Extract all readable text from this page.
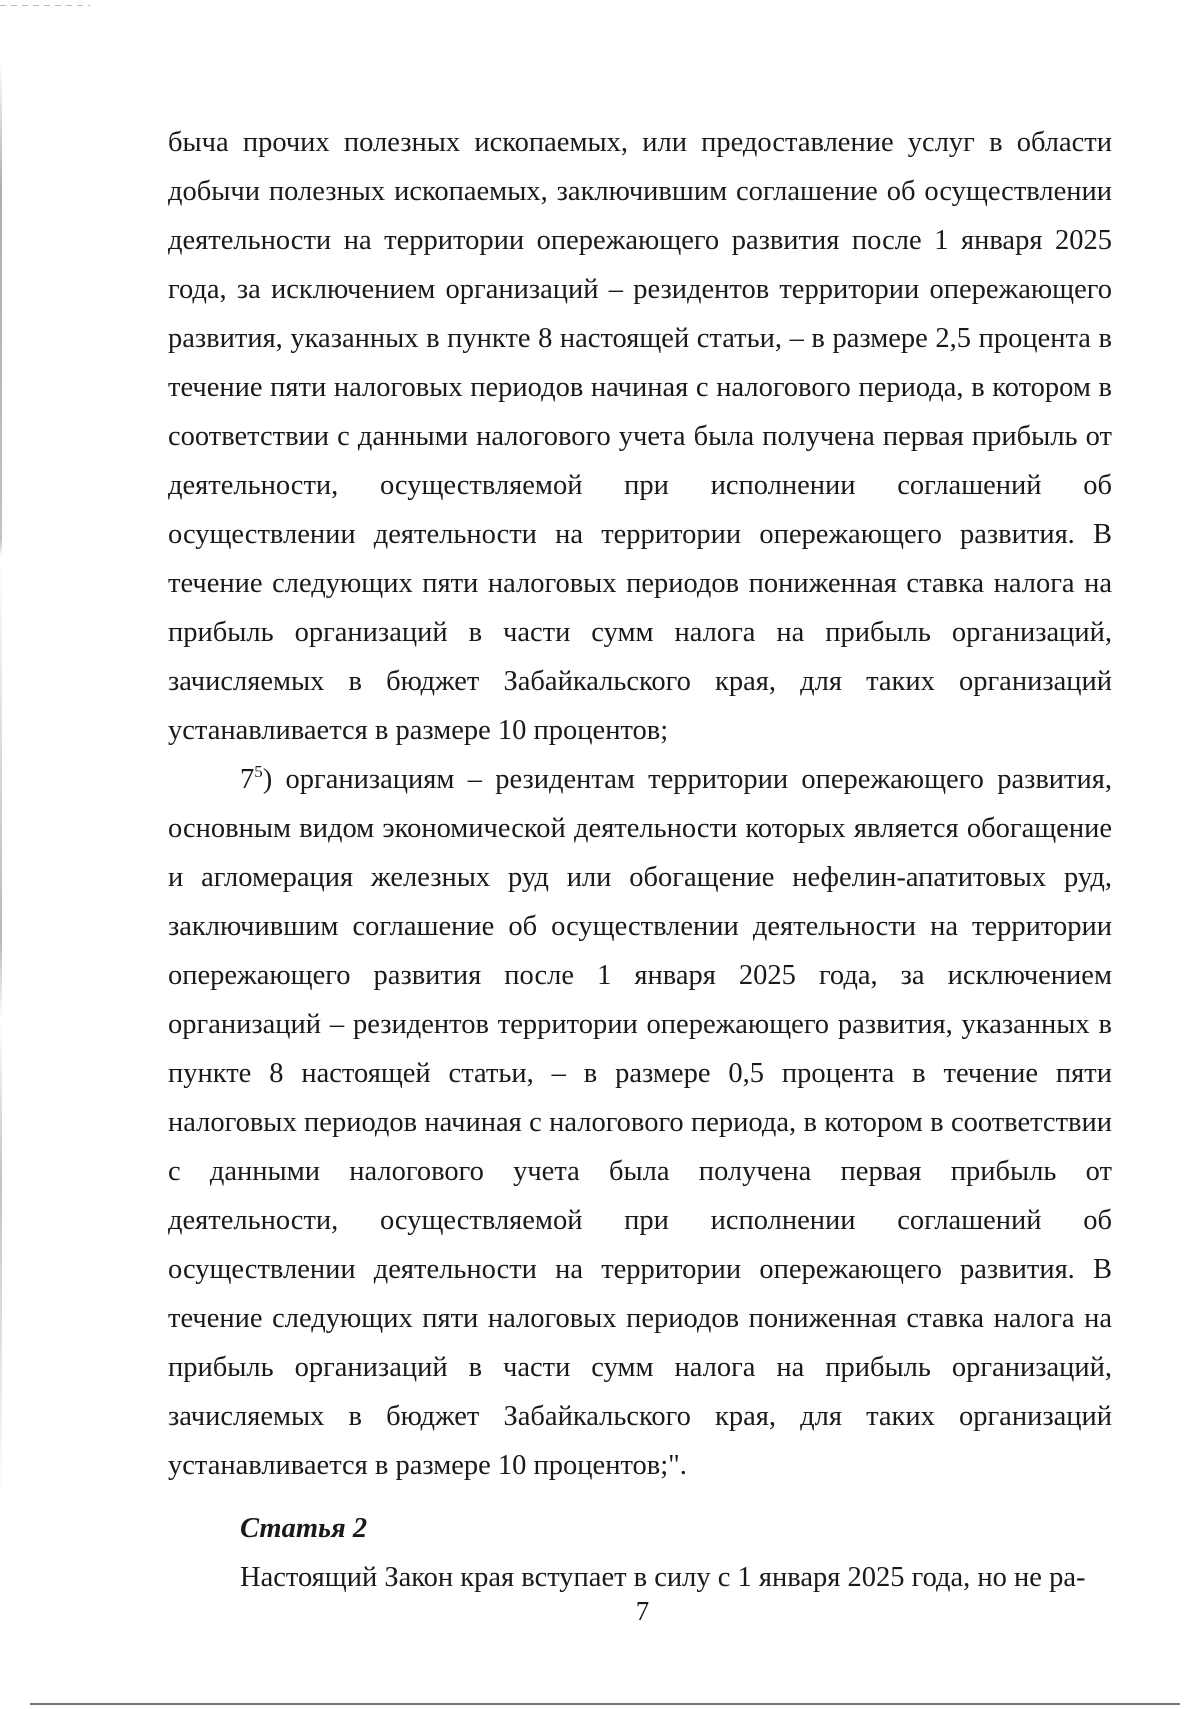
быча прочих полезных ископаемых, или предоставление услуг в области добычи полезных ископаемых, заключившим соглашение об осуществлении деятельности на территории опережающего развития после 1 января 2025 года, за исключением организаций – резидентов территории опережающего развития, указанных в пункте 8 настоящей статьи, – в размере 2,5 процента в течение пяти налоговых периодов начиная с налогового периода, в котором в соответствии с данными налогового учета была получена первая прибыль от деятельности, осуществляемой при исполнении соглашений об осуществлении деятельности на территории опережающего развития. В течение следующих пяти налоговых периодов пониженная ставка налога на прибыль организаций в части сумм налога на прибыль организаций, зачисляемых в бюджет Забайкальского края, для таких организаций устанавливается в размере 10 процентов;

$7^5$) организациям – резидентам территории опережающего развития, основным видом экономической деятельности которых является обогащение и агломерация железных руд или обогащение нефелин-апатитовых руд, заключившим соглашение об осуществлении деятельности на территории опережающего развития после 1 января 2025 года, за исключением организаций – резидентов территории опережающего развития, указанных в пункте 8 настоящей статьи, – в размере 0,5 процента в течение пяти налоговых периодов начиная с налогового периода, в котором в соответствии с данными налогового учета была получена первая прибыль от деятельности, осуществляемой при исполнении соглашений об осуществлении деятельности на территории опережающего развития. В течение следующих пяти налоговых периодов пониженная ставка налога на прибыль организаций в части сумм налога на прибыль организаций, зачисляемых в бюджет Забайкальского края, для таких организаций устанавливается в размере 10 процентов;".

Статья 2

Настоящий Закон края вступает в силу с 1 января 2025 года, но не ра-

7
